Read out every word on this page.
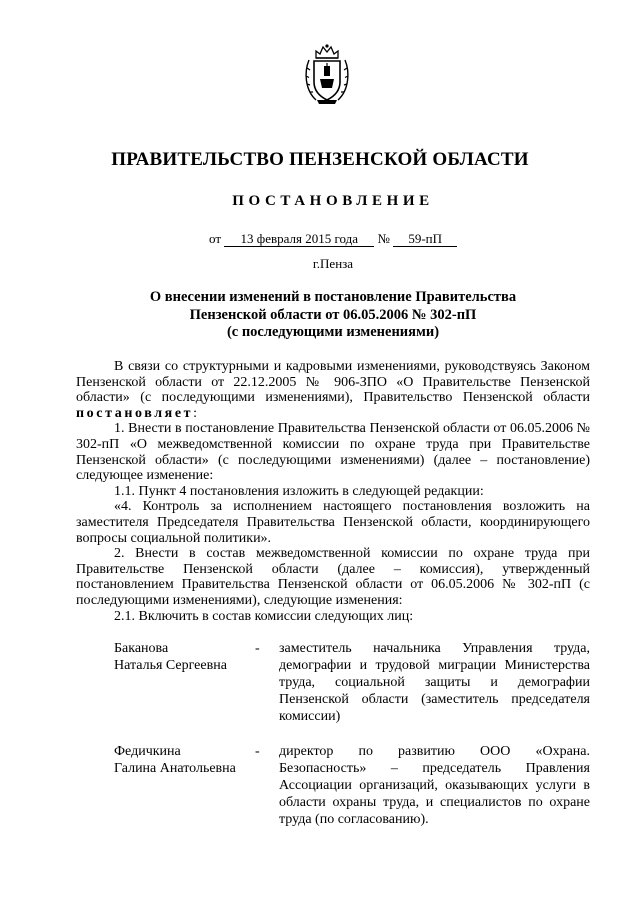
ПРАВИТЕЛЬСТВО ПЕНЗЕНСКОЙ ОБЛАСТИ
ПОСТАНОВЛЕНИЕ
от 13 февраля 2015 года № 59-пП
г.Пенза
О внесении изменений в постановление Правительства
Пензенской области от 06.05.2006 № 302-пП
(с последующими изменениями)

В связи со структурными и кадровыми изменениями, руководствуясь Законом Пензенской области от 22.12.2005 № 906-ЗПО «О Правительстве Пензенской области» (с последующими изменениями), Правительство Пензенской области постановляет:

1. Внести в постановление Правительства Пензенской области от 06.05.2006 № 302-пП «О межведомственной комиссии по охране труда при Правительстве Пензенской области» (с последующими изменениями) (далее – постановление) следующее изменение:

1.1. Пункт 4 постановления изложить в следующей редакции:

«4. Контроль за исполнением настоящего постановления возложить на заместителя Председателя Правительства Пензенской области, координирующего вопросы социальной политики».

2. Внести в состав межведомственной комиссии по охране труда при Правительстве Пензенской области (далее – комиссия), утвержденный постановлением Правительства Пензенской области от 06.05.2006 № 302-пП (с последующими изменениями), следующие изменения:

2.1. Включить в состав комиссии следующих лиц:

Баканова
Наталья Сергеевна
-	заместитель начальника Управления труда, демографии и трудовой миграции Министерства труда, социальной защиты и демографии Пензенской области (заместитель председателя комиссии)
Федичкина
Галина Анатольевна
-	директор по развитию ООО «Охрана. Безопасность» – председатель Правления Ассоциации организаций, оказывающих услуги в области охраны труда, и специалистов по охране труда (по согласованию).
